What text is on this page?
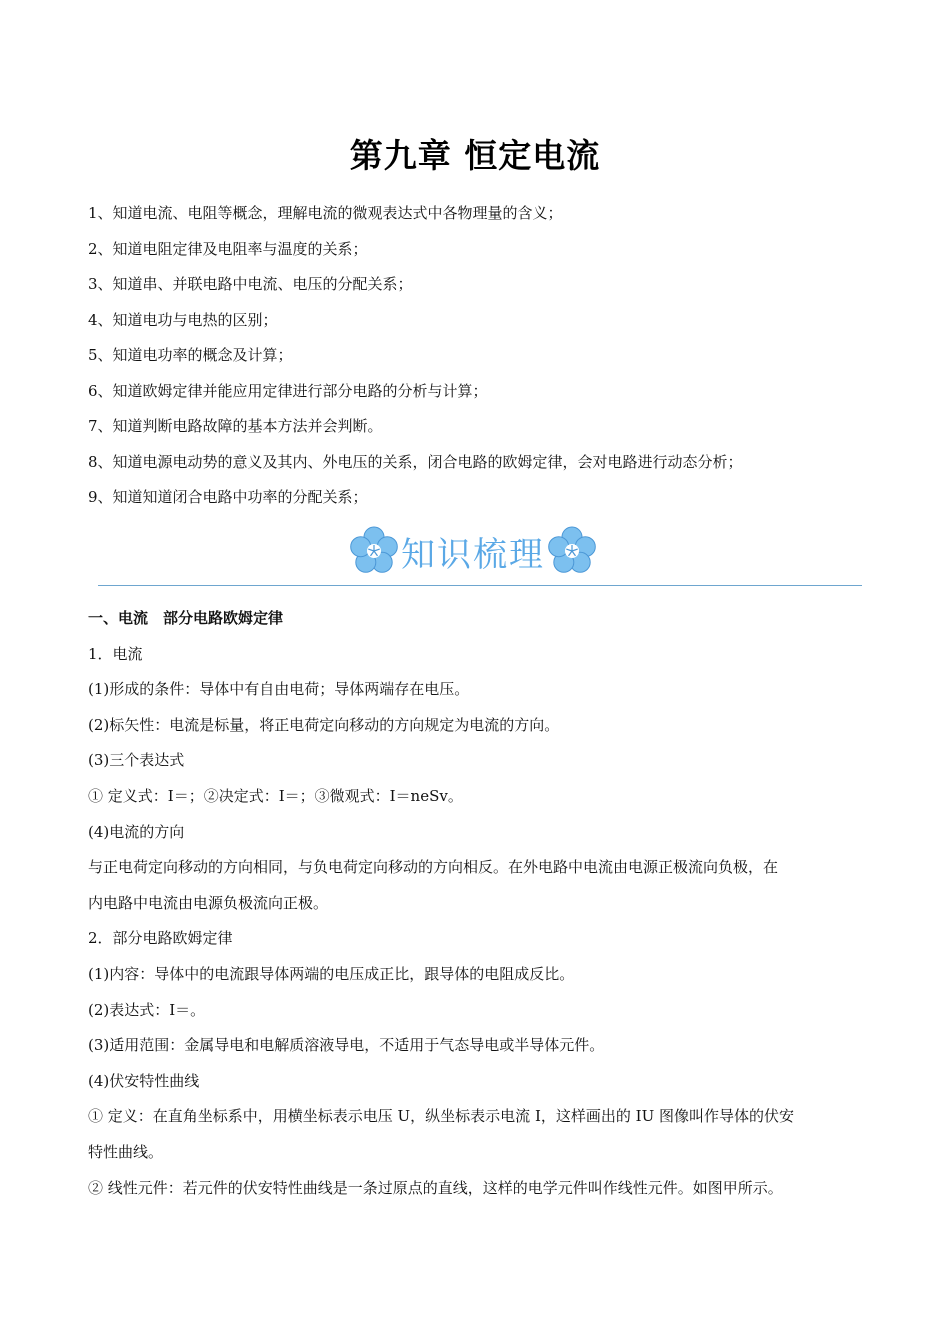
第九章 恒定电流
1、知道电流、电阻等概念，理解电流的微观表达式中各物理量的含义；
2、知道电阻定律及电阻率与温度的关系；
3、知道串、并联电路中电流、电压的分配关系；
4、知道电功与电热的区别；
5、知道电功率的概念及计算；
6、知道欧姆定律并能应用定律进行部分电路的分析与计算；
7、知道判断电路故障的基本方法并会判断。
8、知道电源电动势的意义及其内、外电压的关系，闭合电路的欧姆定律，会对电路进行动态分析；
9、知道知道闭合电路中功率的分配关系；
知识梳理
一、电流　部分电路欧姆定律
1．电流
(1)形成的条件：导体中有自由电荷；导体两端存在电压。
(2)标矢性：电流是标量，将正电荷定向移动的方向规定为电流的方向。
(3)三个表达式
① 定义式：I＝；②决定式：I＝；③微观式：I＝neSv。
(4)电流的方向
与正电荷定向移动的方向相同，与负电荷定向移动的方向相反。在外电路中电流由电源正极流向负极，在
内电路中电流由电源负极流向正极。
2．部分电路欧姆定律
(1)内容：导体中的电流跟导体两端的电压成正比，跟导体的电阻成反比。
(2)表达式：I＝。
(3)适用范围：金属导电和电解质溶液导电，不适用于气态导电或半导体元件。
(4)伏安特性曲线
① 定义：在直角坐标系中，用横坐标表示电压 U，纵坐标表示电流 I，这样画出的 IU 图像叫作导体的伏安
特性曲线。
② 线性元件：若元件的伏安特性曲线是一条过原点的直线，这样的电学元件叫作线性元件。如图甲所示。
